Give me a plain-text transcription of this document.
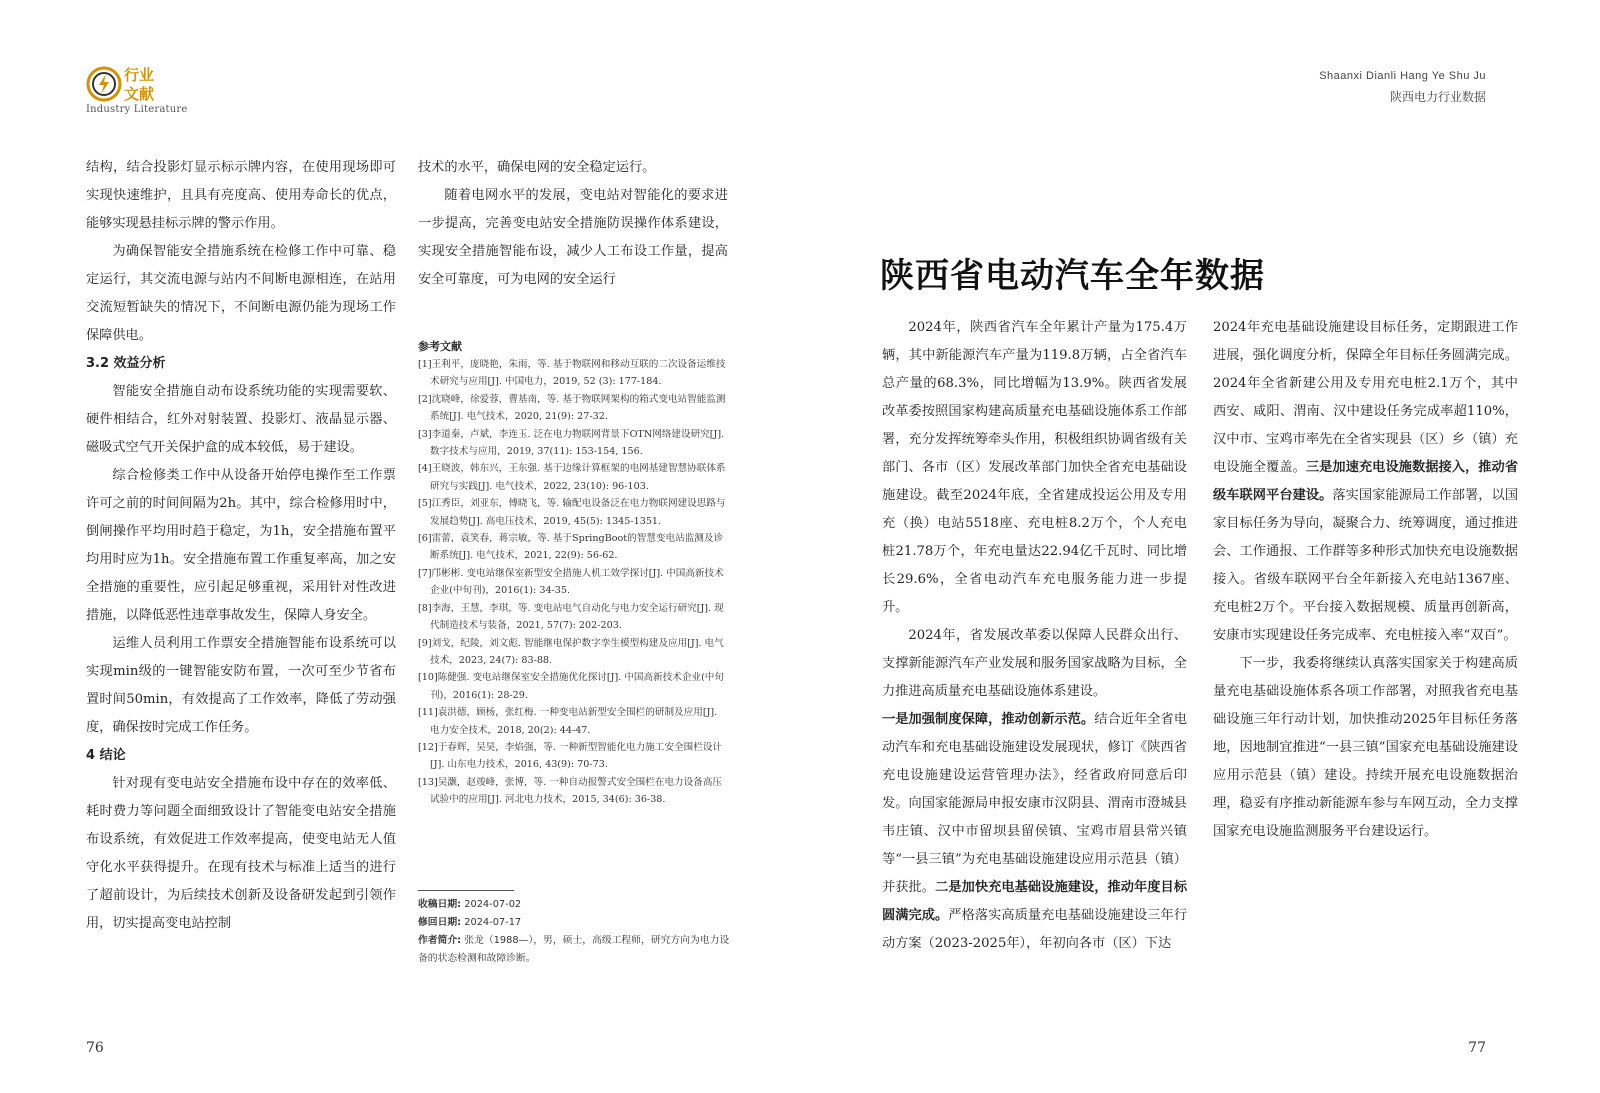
行业
文献
Industry Literature
Shaanxi Dianli Hang Ye Shu Ju
陕西电力行业数据

结构，结合投影灯显示标示牌内容，在使用现场即可实现快速维护，且具有亮度高、使用寿命长的优点，能够实现悬挂标示牌的警示作用。

为确保智能安全措施系统在检修工作中可靠、稳定运行，其交流电源与站内不间断电源相连，在站用交流短暂缺失的情况下，不间断电源仍能为现场工作保障供电。

3.2 效益分析

智能安全措施自动布设系统功能的实现需要软、硬件相结合，红外对射装置、投影灯、液晶显示器、磁吸式空气开关保护盒的成本较低，易于建设。

综合检修类工作中从设备开始停电操作至工作票许可之前的时间间隔为2h。其中，综合检修用时中，倒闸操作平均用时趋于稳定，为1h，安全措施布置平均用时应为1h。安全措施布置工作重复率高，加之安全措施的重要性，应引起足够重视，采用针对性改进措施，以降低恶性违章事故发生，保障人身安全。

运维人员利用工作票安全措施智能布设系统可以实现min级的一键智能安防布置，一次可至少节省布置时间50min，有效提高了工作效率，降低了劳动强度，确保按时完成工作任务。

4 结论

针对现有变电站安全措施布设中存在的效率低、耗时费力等问题全面细致设计了智能变电站安全措施布设系统，有效促进工作效率提高，使变电站无人值守化水平获得提升。在现有技术与标准上适当的进行了超前设计，为后续技术创新及设备研发起到引领作用，切实提高变电站控制

技术的水平，确保电网的安全稳定运行。

随着电网水平的发展，变电站对智能化的要求进一步提高，完善变电站安全措施防误操作体系建设，实现安全措施智能布设，减少人工布设工作量，提高安全可靠度，可为电网的安全运行

参考文献
[1]王利平，庞晓艳，朱雨，等. 基于物联网和移动互联的二次设备运维技术研究与应用[J]. 中国电力，2019, 52 (3): 177-184.
[2]沈晓峰，徐爱蓉，曹基南，等. 基于物联网架构的箱式变电站智能监测系统[J]. 电气技术，2020, 21(9): 27-32.
[3]李道秦，卢斌，李连玉. 泛在电力物联网背景下OTN网络建设研究[J]. 数字技术与应用，2019, 37(11): 153-154, 156.
[4]王晓波，韩东兴，王东强. 基于边缘计算框架的电网基建智慧协联体系研究与实践[J]. 电气技术，2022, 23(10): 96-103.
[5]江秀臣，刘亚东，傅晓飞，等. 输配电设备泛在电力物联网建设思路与发展趋势[J]. 高电压技术，2019, 45(5): 1345-1351.
[6]雷蕾，袁笑春，蒋宗敏，等. 基于SpringBoot的智慧变电站监测及诊断系统[J]. 电气技术，2021, 22(9): 56-62.
[7]邝彬彬. 变电站继保室新型安全措施人机工效学探讨[J]. 中国高新技术企业(中旬刊)，2016(1): 34-35.
[8]李海，王慧，李琪，等. 变电站电气自动化与电力安全运行研究[J]. 现代制造技术与装备，2021, 57(7): 202-203.
[9]刘戈，纪陵，刘文彪. 智能继电保护数字孪生模型构建及应用[J]. 电气技术，2023, 24(7): 83-88.
[10]陈健强. 变电站继保室安全措施优化探讨[J]. 中国高新技术企业(中旬刊)，2016(1): 28-29.
[11]袁洪德，顾杨，张红梅. 一种变电站新型安全围栏的研制及应用[J]. 电力安全技术，2018, 20(2): 44-47.
[12]于春辉，吴昊，李焰强，等. 一种新型智能化电力施工安全围栏设计[J]. 山东电力技术，2016, 43(9): 70-73.
[13]吴灏，赵竣峰，张博，等. 一种自动报警式安全围栏在电力设备高压试验中的应用[J]. 河北电力技术，2015, 34(6): 36-38.
收稿日期: 2024-07-02
修回日期: 2024-07-17
作者简介: 张龙（1988—），男，硕士，高级工程师，研究方向为电力设备的状态检测和故障诊断。
76
陕西省电动汽车全年数据

2024年，陕西省汽车全年累计产量为175.4万辆，其中新能源汽车产量为119.8万辆，占全省汽车总产量的68.3%，同比增幅为13.9%。陕西省发展改革委按照国家构建高质量充电基础设施体系工作部署，充分发挥统筹牵头作用，积极组织协调省级有关部门、各市（区）发展改革部门加快全省充电基础设施建设。截至2024年底，全省建成投运公用及专用充（换）电站5518座、充电桩8.2万个，个人充电桩21.78万个，年充电量达22.94亿千瓦时、同比增长29.6%，全省电动汽车充电服务能力进一步提升。

2024年，省发展改革委以保障人民群众出行、支撑新能源汽车产业发展和服务国家战略为目标，全力推进高质量充电基础设施体系建设。

一是加强制度保障，推动创新示范。结合近年全省电动汽车和充电基础设施建设发展现状，修订《陕西省充电设施建设运营管理办法》，经省政府同意后印发。向国家能源局申报安康市汉阴县、渭南市澄城县韦庄镇、汉中市留坝县留侯镇、宝鸡市眉县常兴镇等“一县三镇”为充电基础设施建设应用示范县（镇）并获批。二是加快充电基础设施建设，推动年度目标圆满完成。严格落实高质量充电基础设施建设三年行动方案（2023-2025年），年初向各市（区）下达

2024年充电基础设施建设目标任务，定期跟进工作进展，强化调度分析，保障全年目标任务圆满完成。2024年全省新建公用及专用充电桩2.1万个，其中西安、咸阳、渭南、汉中建设任务完成率超110%，汉中市、宝鸡市率先在全省实现县（区）乡（镇）充电设施全覆盖。三是加速充电设施数据接入，推动省级车联网平台建设。落实国家能源局工作部署，以国家目标任务为导向，凝聚合力、统筹调度，通过推进会、工作通报、工作群等多种形式加快充电设施数据接入。省级车联网平台全年新接入充电站1367座、充电桩2万个。平台接入数据规模、质量再创新高，安康市实现建设任务完成率、充电桩接入率“双百”。

下一步，我委将继续认真落实国家关于构建高质量充电基础设施体系各项工作部署，对照我省充电基础设施三年行动计划，加快推动2025年目标任务落地，因地制宜推进“一县三镇”国家充电基础设施建设应用示范县（镇）建设。持续开展充电设施数据治理，稳妥有序推动新能源车参与车网互动，全力支撑国家充电设施监测服务平台建设运行。

77
